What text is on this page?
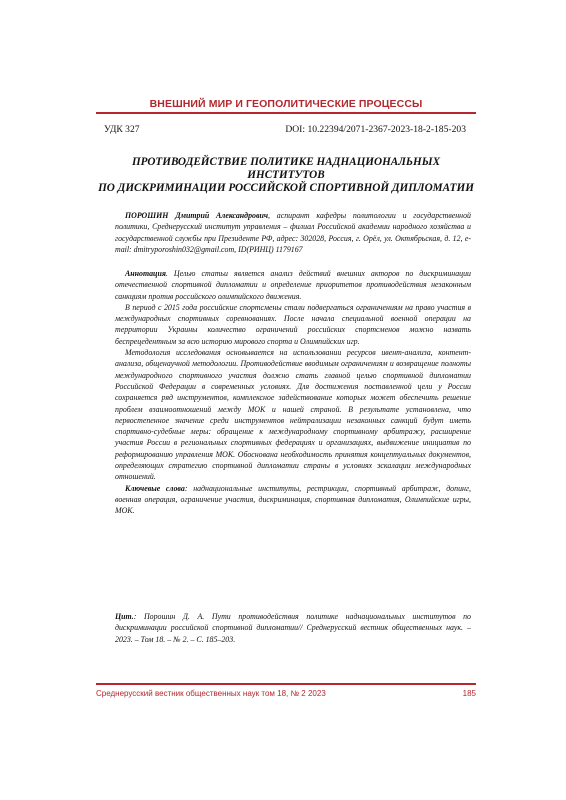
ВНЕШНИЙ МИР И ГЕОПОЛИТИЧЕСКИЕ ПРОЦЕССЫ
УДК 327	DOI: 10.22394/2071-2367-2023-18-2-185-203
ПРОТИВОДЕЙСТВИЕ ПОЛИТИКЕ НАДНАЦИОНАЛЬНЫХ ИНСТИТУТОВ
ПО ДИСКРИМИНАЦИИ РОССИЙСКОЙ СПОРТИВНОЙ ДИПЛОМАТИИ

ПОРОШИН Дмитрий Александрович, аспирант кафедры политологии и государственной политики, Среднерусский институт управления – филиал Российской академии народного хозяйства и государственной службы при Президенте РФ, адрес: 302028, Россия, г. Орёл, ул. Октябрьская, д. 12, e-mail: dmitryporoshin032@gmail.com, ID(РИНЦ) 1179167

Аннотация. Целью статьи является анализ действий внешних акторов по дискриминации отечественной спортивной дипломатии и определение приоритетов противодействия незаконным санкциям против российского олимпийского движения.

В период с 2015 года российские спортсмены стали подвергаться ограничениям на право участия в международных спортивных соревнованиях. После начала специальной военной операции на территории Украины количество ограничений российских спортсменов можно назвать беспрецедентным за всю историю мирового спорта и Олимпийских игр.

Методология исследования основывается на использовании ресурсов ивент-анализа, контент-анализа, общенаучной методологии. Противодействие вводимым ограничениям и возвращение полноты международного спортивного участия должно стать главной целью спортивной дипломатии Российской Федерации в современных условиях. Для достижения поставленной цели у России сохраняется ряд инструментов, комплексное задействование которых может обеспечить решение проблем взаимоотношений между МОК и нашей страной. В результате установлена, что первостепенное значение среди инструментов нейтрализации незаконных санкций будут иметь спортивно-судебные меры: обращение к международному спортивному арбитражу, расширение участия России в региональных спортивных федерациях и организациях, выдвижение инициатив по реформированию управления МОК. Обоснована необходимость принятия концептуальных документов, определяющих стратегию спортивной дипломатии страны в условиях эскалации международных отношений.

Ключевые слова: наднациональные институты, рестрикции, спортивный арбитраж, допинг, военная операция, ограничение участия, дискриминация, спортивная дипломатия, Олимпийские игры, МОК.

Цит.: Порошин Д. А. Пути противодействия политике наднациональных институтов по дискриминации российской спортивной дипломатии// Среднерусский вестник общественных наук. – 2023. – Том 18. – № 2. – С. 185–203.

Среднерусский вестник общественных наук том 18, № 2 2023	185
